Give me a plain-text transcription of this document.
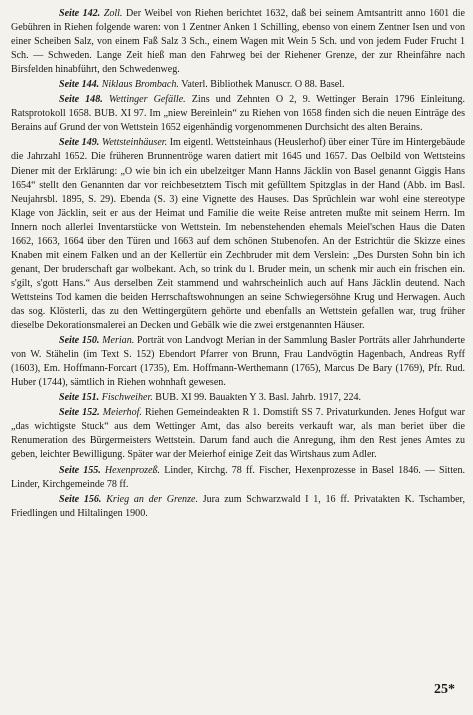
Seite 142. Zoll. Der Weibel von Riehen berichtet 1632, daß bei seinem Amtsantritt anno 1601 die Gebühren in Riehen folgende waren: von 1 Zentner Anken 1 Schilling, ebenso von einem Zentner Isen und von einer Scheiben Salz, von einem Faß Salz 3 Sch., einem Wagen mit Wein 5 Sch. und von jedem Fuder Frucht 1 Sch. — Schweden. Lange Zeit hieß man den Fahrweg bei der Riehener Grenze, der zur Rheinfähre nach Birsfelden hinabführt, den Schwedenweg.

Seite 144. Niklaus Brombach. Vaterl. Bibliothek Manuscr. O 88. Basel.

Seite 148. Wettinger Gefälle. Zins und Zehnten O 2, 9. Wettinger Berain 1796 Einleitung. Ratsprotokoll 1658. BUB. XI 97. Im „niew Bereinlein“ zu Riehen von 1658 finden sich die neuen Einträge des Berains auf Grund der von Wettstein 1652 eigenhändig vorgenommenen Durchsicht des alten Berains.

Seite 149. Wettsteinhäuser. Im eigentl. Wettsteinhaus (Heuslerhof) über einer Türe im Hintergebäude die Jahrzahl 1652. Die früheren Brunnentröge waren datiert mit 1645 und 1657. Das Oelbild von Wettsteins Diener mit der Erklärung: „O wie bin ich ein ubelzeitger Mann Hanns Jäcklin von Basel genannt Giggis Hans 1654“ stellt den Genannten dar vor reichbesetztem Tisch mit gefülltem Spitzglas in der Hand (Abb. im Basl. Neujahrsbl. 1895, S. 29). Ebenda (S. 3) eine Vignette des Hauses. Das Sprüchlein war wohl eine stereotype Klage von Jäcklin, seit er aus der Heimat und Familie die weite Reise antreten mußte mit seinem Herrn. Im Innern noch allerlei Inventarstücke von Wettstein. Im nebenstehenden ehemals Meiel'schen Haus die Daten 1662, 1663, 1664 über den Türen und 1663 auf dem schönen Stubenofen. An der Estrichtür die Skizze eines Knaben mit einem Falken und an der Kellertür ein Zechbruder mit dem Verslein: „Des Dursten Sohn bin ich genant, Der bruderschaft gar wolbekant. Ach, so trink du l. Bruder mein, un schenk mir auch ein frischen ein. s'gilt, s'gott Hans.“ Aus derselben Zeit stammend und wahrscheinlich auch auf Hans Jäcklin deutend. Nach Wettsteins Tod kamen die beiden Herrschaftswohnungen an seine Schwiegersöhne Krug und Herwagen. Auch das sog. Klösterli, das zu den Wettingergütern gehörte und ebenfalls an Wettstein gefallen war, trug früher dieselbe Dekorationsmalerei an Decken und Gebälk wie die zwei erstgenannten Häuser.

Seite 150. Merian. Porträt von Landvogt Merian in der Sammlung Basler Porträts aller Jahrhunderte von W. Stähelin (im Text S. 152) Ebendort Pfarrer von Brunn, Frau Landvögtin Hagenbach, Andreas Ryff (1603), Em. Hoffmann-Forcart (1735), Em. Hoffmann-Werthemann (1765), Marcus De Bary (1769), Pfr. Rud. Huber (1744), sämtlich in Riehen wohnhaft gewesen.

Seite 151. Fischweiher. BUB. XI 99. Bauakten Y 3. Basl. Jahrb. 1917, 224.

Seite 152. Meierhof. Riehen Gemeindeakten R 1. Domstift SS 7. Privaturkunden. Jenes Hofgut war „das wichtigste Stuck“ aus dem Wettinger Amt, das also bereits verkauft war, als man beriet über die Renumeration des Bürgermeisters Wettstein. Darum fand auch die Anregung, ihm den Rest jenes Amtes zu geben, leichter Bewilligung. Später war der Meierhof einige Zeit das Wirtshaus zum Adler.

Seite 155. Hexenprozeß. Linder, Kirchg. 78 ff. Fischer, Hexenprozesse in Basel 1846. — Sitten. Linder, Kirchgemeinde 78 ff.

Seite 156. Krieg an der Grenze. Jura zum Schwarzwald I 1, 16 ff. Privatakten K. Tschamber, Friedlingen und Hiltalingen 1900.

25*
